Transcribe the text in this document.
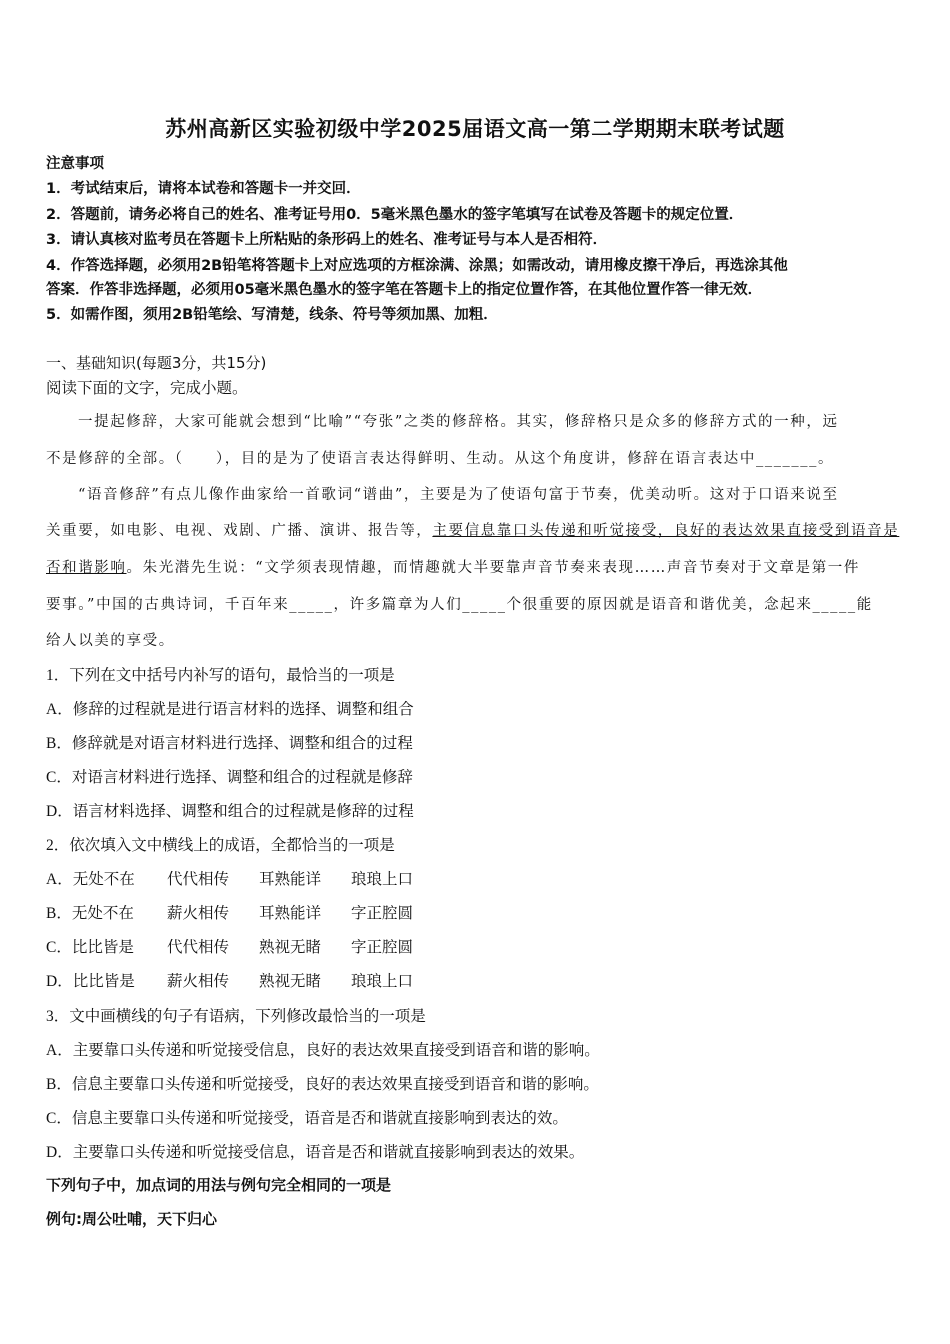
苏州高新区实验初级中学2025届语文高一第二学期期末联考试题
注意事项
1．考试结束后，请将本试卷和答题卡一并交回．
2．答题前，请务必将自己的姓名、准考证号用0．5毫米黑色墨水的签字笔填写在试卷及答题卡的规定位置．
3．请认真核对监考员在答题卡上所粘贴的条形码上的姓名、准考证号与本人是否相符．
4．作答选择题，必须用2B铅笔将答题卡上对应选项的方框涂满、涂黑；如需改动，请用橡皮擦干净后，再选涂其他
答案．作答非选择题，必须用05毫米黑色墨水的签字笔在答题卡上的指定位置作答，在其他位置作答一律无效．
5．如需作图，须用2B铅笔绘、写清楚，线条、符号等须加黑、加粗．
一、基础知识(每题3分，共15分)
阅读下面的文字，完成小题。
一提起修辞，大家可能就会想到“比喻”“夸张”之类的修辞格。其实，修辞格只是众多的修辞方式的一种，远
不是修辞的全部。（　　），目的是为了使语言表达得鲜明、生动。从这个角度讲，修辞在语言表达中_______。
“语音修辞”有点儿像作曲家给一首歌词“谱曲”，主要是为了使语句富于节奏，优美动听。这对于口语来说至
关重要，如电影、电视、戏剧、广播、演讲、报告等，主要信息靠口头传递和听觉接受，良好的表达效果直接受到语音是
否和谐影响。朱光潜先生说：“文学须表现情趣，而情趣就大半要靠声音节奏来表现……声音节奏对于文章是第一件
要事。”中国的古典诗词，千百年来_____，许多篇章为人们_____个很重要的原因就是语音和谐优美，念起来_____能
给人以美的享受。
1．下列在文中括号内补写的语句，最恰当的一项是
A．修辞的过程就是进行语言材料的选择、调整和组合
B．修辞就是对语言材料进行选择、调整和组合的过程
C．对语言材料进行选择、调整和组合的过程就是修辞
D．语言材料选择、调整和组合的过程就是修辞的过程
2．依次填入文中横线上的成语，全都恰当的一项是
A．无处不在 代代相传 耳熟能详 琅琅上口
B．无处不在 薪火相传 耳熟能详 字正腔圆
C．比比皆是 代代相传 熟视无睹 字正腔圆
D．比比皆是 薪火相传 熟视无睹 琅琅上口
3．文中画横线的句子有语病，下列修改最恰当的一项是
A．主要靠口头传递和听觉接受信息，良好的表达效果直接受到语音和谐的影响。
B．信息主要靠口头传递和听觉接受，良好的表达效果直接受到语音和谐的影响。
C．信息主要靠口头传递和听觉接受，语音是否和谐就直接影响到表达的效。
D．主要靠口头传递和听觉接受信息，语音是否和谐就直接影响到表达的效果。
下列句子中，加点词的用法与例句完全相同的一项是
例句:周公吐哺，天下归心
